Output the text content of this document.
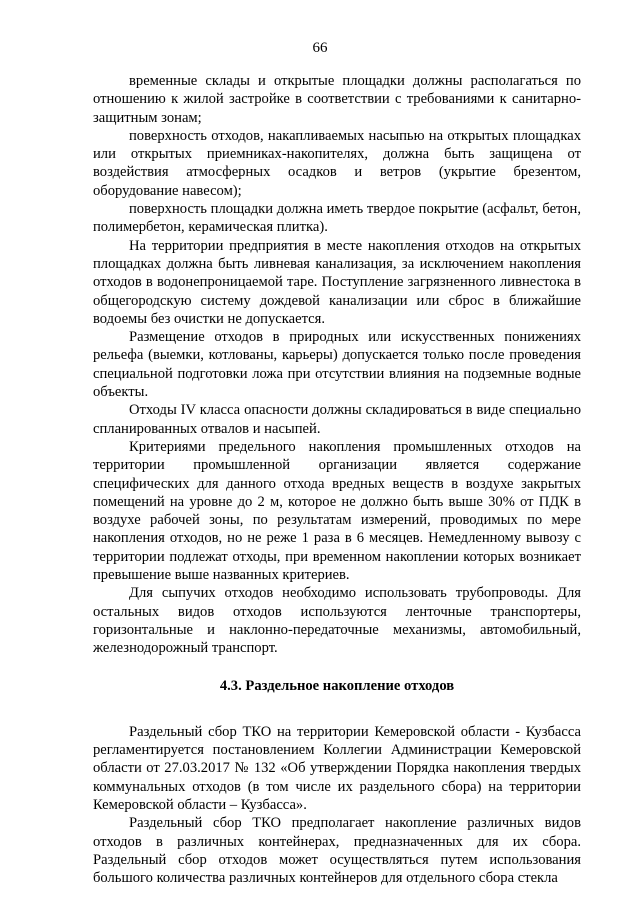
66

временные склады и открытые площадки должны располагаться по отношению к жилой застройке в соответствии с требованиями к санитарно-защитным зонам;

поверхность отходов, накапливаемых насыпью на открытых площадках или открытых приемниках-накопителях, должна быть защищена от воздействия атмосферных осадков и ветров (укрытие брезентом, оборудование навесом);

поверхность площадки должна иметь твердое покрытие (асфальт, бетон, полимербетон, керамическая плитка).

На территории предприятия в месте накопления отходов на открытых площадках должна быть ливневая канализация, за исключением накопления отходов в водонепроницаемой таре. Поступление загрязненного ливнестока в общегородскую систему дождевой канализации или сброс в ближайшие водоемы без очистки не допускается.

Размещение отходов в природных или искусственных понижениях рельефа (выемки, котлованы, карьеры) допускается только после проведения специальной подготовки ложа при отсутствии влияния на подземные водные объекты.

Отходы IV класса опасности должны складироваться в виде специально спланированных отвалов и насыпей.

Критериями предельного накопления промышленных отходов на территории промышленной организации является содержание специфических для данного отхода вредных веществ в воздухе закрытых помещений на уровне до 2 м, которое не должно быть выше 30% от ПДК в воздухе рабочей зоны, по результатам измерений, проводимых по мере накопления отходов, но не реже 1 раза в 6 месяцев. Немедленному вывозу с территории подлежат отходы, при временном накоплении которых возникает превышение выше названных критериев.

Для сыпучих отходов необходимо использовать трубопроводы. Для остальных видов отходов используются ленточные транспортеры, горизонтальные и наклонно-передаточные механизмы, автомобильный, железнодорожный транспорт.

4.3. Раздельное накопление отходов

Раздельный сбор ТКО на территории Кемеровской области - Кузбасса регламентируется постановлением Коллегии Администрации Кемеровской области от 27.03.2017 № 132 «Об утверждении Порядка накопления твердых коммунальных отходов (в том числе их раздельного сбора) на территории Кемеровской области – Кузбасса».

Раздельный сбор ТКО предполагает накопление различных видов отходов в различных контейнерах, предназначенных для их сбора. Раздельный сбор отходов может осуществляться путем использования большого количества различных контейнеров для отдельного сбора стекла
